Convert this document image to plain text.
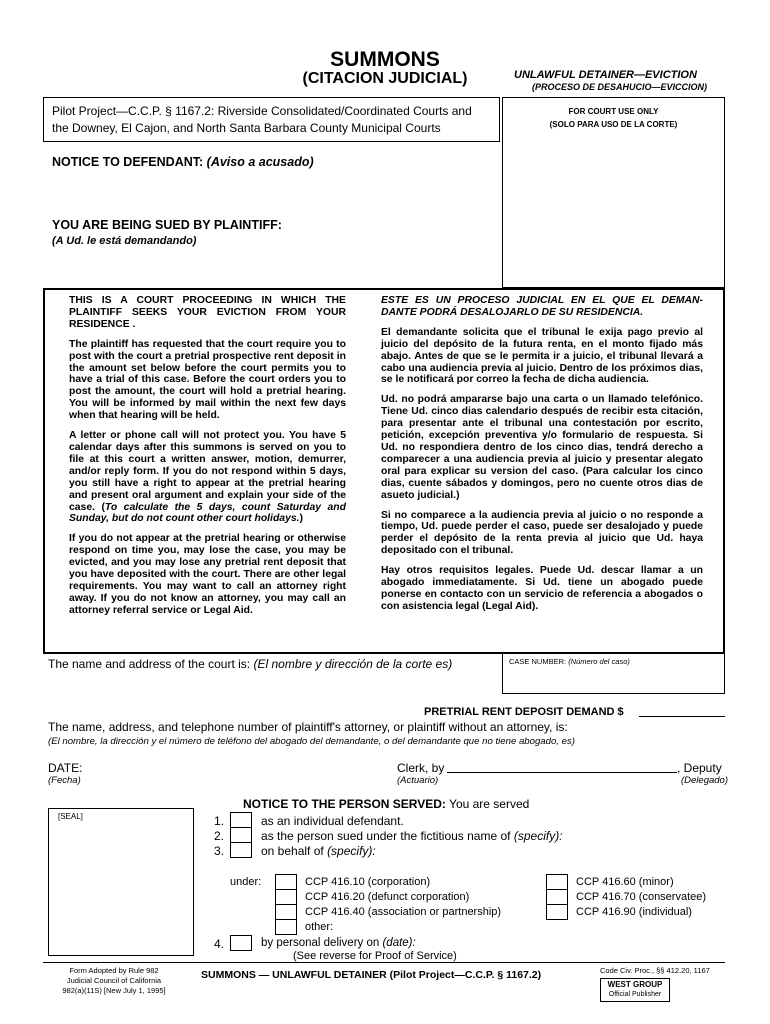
SUMMONS
(CITACION JUDICIAL)	UNLAWFUL DETAINER—EVICTION
(PROCESO DE DESAHUCIO—EVICCION)
Pilot Project—C.C.P. § 1167.2: Riverside Consolidated/Coordinated Courts and
the Downey, El Cajon, and North Santa Barbara County Municipal Courts
FOR COURT USE ONLY
(SOLO PARA USO DE LA CORTE)
NOTICE TO DEFENDANT: (Aviso a acusado)
YOU ARE BEING SUED BY PLAINTIFF:
(A Ud. le está demandando)

THIS IS A COURT PROCEEDING IN WHICH THE PLAINTIFF SEEKS YOUR EVICTION FROM YOUR RESIDENCE .

The plaintiff has requested that the court require you to post with the court a pretrial prospective rent deposit in the amount set below before the court permits you to have a trial of this case. Before the court orders you to post the amount, the court will hold a pretrial hearing. You will be informed by mail within the next few days when that hearing will be held.

A letter or phone call will not protect you. You have 5 calendar days after this summons is served on you to file at this court a written answer, motion, demurrer, and/or reply form. If you do not respond within 5 days, you still have a right to appear at the pretrial hearing and present oral argument and explain your side of the case. (To calculate the 5 days, count Saturday and Sunday, but do not count other court holidays.)

If you do not appear at the pretrial hearing or otherwise respond on time you, may lose the case, you may be evicted, and you may lose any pretrial rent deposit that you have deposited with the court. There are other legal requirements. You may want to call an attorney right away. If you do not know an attorney, you may call an attorney referral service or Legal Aid.

ESTE ES UN PROCESO JUDICIAL EN EL QUE EL DEMAN- DANTE PODRÁ DESALOJARLO DE SU RESIDENCIA.

El demandante solicita que el tribunal le exija pago previo al juicio del depósito de la futura renta, en el monto fijado más abajo. Antes de que se le permita ir a juicio, el tribunal llevará a cabo una audiencia previa al juicio. Dentro de los próximos dias, se le notificará por correo la fecha de dicha audiencia.

Ud. no podrá ampararse bajo una carta o un llamado telefónico. Tiene Ud. cinco dias calendario después de recibir esta citación, para presentar ante el tribunal una contestación por escrito, petición, excepción preventiva y/o formulario de respuesta. Si Ud. no respondiera dentro de los cinco dias, tendrá derecho a comparecer a una audiencia previa al juicio y presentar alegato oral para explicar su version del caso. (Para calcular los cinco dias, cuente sábados y domingos, pero no cuente otros dias de asueto judicial.)

Si no comparece a la audiencia previa al juicio o no responde a tiempo, Ud. puede perder el caso, puede ser desalojado y puede perder el depósito de la renta previa al juicio que Ud. haya depositado con el tribunal.

Hay otros requisitos legales. Puede Ud. descar llamar a un abogado immediatamente. Si Ud. tiene un abogado puede ponerse en contacto con un servicio de referencia a abogados o con asistencia legal (Legal Aid).

The name and address of the court is: (El nombre y dirección de la corte es)	CASE NUMBER: (Número del caso)
PRETRIAL RENT DEPOSIT DEMAND $
The name, address, and telephone number of plaintiff's attorney, or plaintiff without an attorney, is:
(El nombre, la dirección y el número de teléfono del abogado del demandante, o del demandante que no tiene abogado, es)
DATE:
(Fecha)
Clerk, by
(Actuario)
, Deputy
(Delegado)
[SEAL]
NOTICE TO THE PERSON SERVED: You are served
1.	as an individual defendant.
2.	as the person sued under the fictitious name of (specify):
3.	on behalf of (specify):
under:	CCP 416.10 (corporation)
CCP 416.20 (defunct corporation)
CCP 416.40 (association or partnership)
other:
CCP 416.60 (minor)
CCP 416.70 (conservatee)
CCP 416.90 (individual)
4.	by personal delivery on (date):
(See reverse for Proof of Service)
Form Adopted by Rule 982
Judicial Council of California
982(a)(11S) [New July 1, 1995]
SUMMONS — UNLAWFUL DETAINER (Pilot Project—C.C.P. § 1167.2)	Code Civ. Proc., §§ 412.20, 1167
WEST GROUP
Official Publisher
